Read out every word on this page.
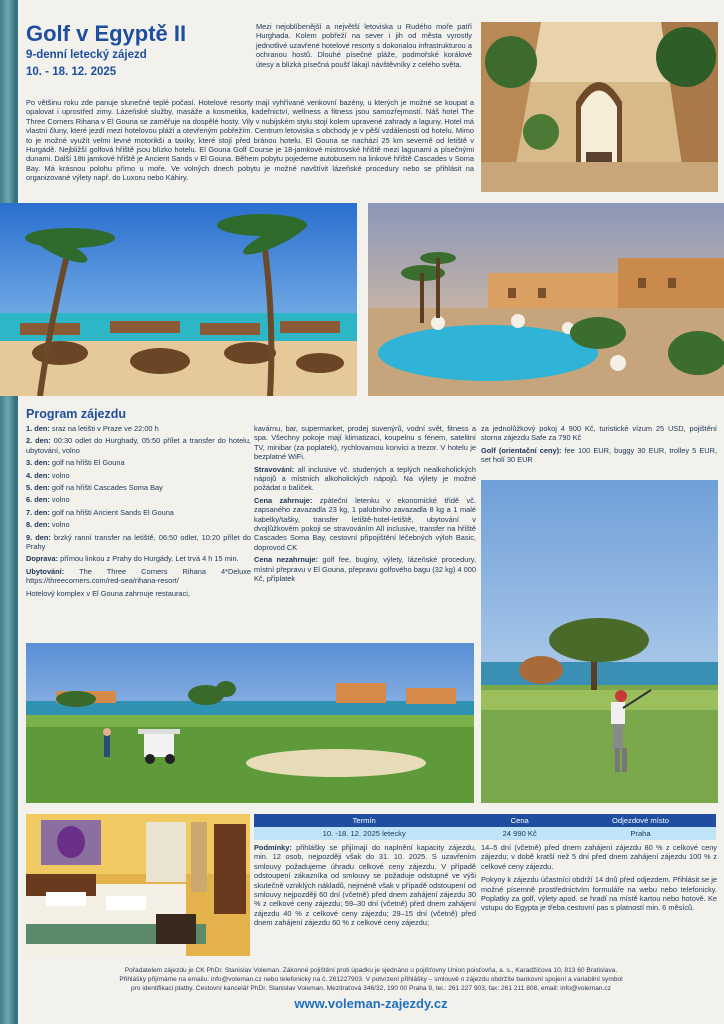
Golf v Egyptě II
9-denní letecký zájezd
10. - 18. 12. 2025
Mezi nejoblíbenější a největší letoviska u Rudého moře patří Hurghada. Kolem pobřeží na sever i jih od města vyrostly jednotlivé uzavřené hotelové resorty s dokonalou infrastrukturou a ochranou hostů. Dlouhé písečné pláže, podmořské korálové útesy a blízká písečná poušť lákají návštěvníky z celého světa.
Po většinu roku zde panuje slunečné teplé počasí. Hotelové resorty mají vyhřívané venkovní bazény, u kterých je možné se koupat a opalovat i uprostřed zimy. Lázeňské služby, masáže a kosmetika, kadeřnictví, wellness a fitness jsou samozřejmostí. Náš hotel The Three Corners Rihana v El Gouna se zaměřuje na dospělé hosty. Vily v nubijském stylu stojí kolem upravené zahrady a laguny. Hotel má vlastní čluny, které jezdí mezi hotelovou pláží a otevřeným pobřežím. Centrum letoviska s obchody je v pěší vzdálenosti od hotelu. Mimo to je možné využít velmi levné motorikši a taxiky, které stojí před bránou hotelu. El Gouna se nachází 25 km severně od letiště v Hurgádě. Nejbližší golfová hřiště jsou blízko hotelu. El Gouna Golf Course je 18-jamkové mistrovské hřiště mezi lagunami a písečnými dunami. Další 18ti jamkové hřiště je Ancient Sands v El Gouna. Během pobytu pojedeme autobusem na linkové hřiště Cascades v Soma Bay. Má krásnou polohu přímo u moře. Ve volných dnech pobytu je možné navštívit lázeňské procedury nebo se přihlásit na organizované výlety např. do Luxoru nebo Káhiry.
Program zájezdu
1. den: sraz na letišti v Praze ve 22:00 h
2. den: 00:30 odlet do Hurghady, 05:50 přílet a transfer do hotelu, ubytování, volno
3. den: golf na hřišti El Gouna
4. den: volno
5. den: golf na hřišti Cascades Soma Bay
6. den: volno
7. den: golf na hřišti Ancient Sands El Gouna
8. den: volno
9. den: brzký ranní transfer na letiště, 06:50 odlet, 10:20 přílet do Prahy
Doprava: přímou linkou z Prahy do Hurgády. Let trvá 4 h 15 min.
Ubytování: The Three Corners Rihana 4*Deluxe https://threecorners.com/red-sea/rihana-resort/
Hotelový komplex v El Gouna zahrnuje restauraci,
kavárnu, bar, supermarket, prodej suvenýrů, vodní svět, fitness a spa. Všechny pokoje mají klimatizaci, koupelnu s fénem, satelitní TV, minibar (za poplatek), rychlovarnou konvici a trezor. V hotelu je bezplatné WiFi.
Stravování: all inclusive vč. studených a teplých nealkoholických nápojů a místních alkoholických nápojů. Na výlety je možné požádat o balíček.
Cena zahrnuje: zpáteční letenku v ekonomické třídě vč. zapsaného zavazadla 23 kg, 1 palubního zavazadla 8 kg a 1 malé kabelky/tašky, transfer letiště-hotel-letiště, ubytování v dvojlůžkovém pokoji se stravováním All inclusive, transfer na hřiště Cascades Soma Bay, cestovní připojištění léčebných výloh Basic, doprovod CK
Cena nezahrnuje: golf fee, buginy, výlety, lázeňské procedury, místní přepravu v El Gouna, přepravu golfového bagu (32 kg) 4 000 Kč, příplatek
za jednolůžkový pokoj 4 900 Kč, turistické vízum 25 USD, pojištění storna zájezdu Safe za 790 Kč
Golf (orientační ceny): fee 100 EUR, buggy 30 EUR, trolley 5 EUR, set holí 30 EUR
Termín	Cena	Odjezdové místo
10. -18. 12. 2025 letecky	24 990 Kč	Praha
Podmínky: přihlášky se přijímají do naplnění kapacity zájezdu, min. 12 osob, nejpozději však do 31. 10. 2025. S uzavřením smlouvy požadujeme úhradu celkové ceny zájezdu. V případě odstoupení zákazníka od smlouvy se požaduje odstupné ve výši skutečně vzniklých nákladů, nejméně však v případě odstoupení od smlouvy nejpozději 60 dní (včetně) před dnem zahájení zájezdu 30 % z celkové ceny zájezdu; 59–30 dní (včetně) před dnem zahájení zájezdu 40 % z celkové ceny zájezdu; 29–15 dní (včetně) před dnem zahájení zájezdu 60 % z celkové ceny zájezdu;
14–5 dní (včetně) před dnem zahájení zájezdu 80 % z celkové ceny zájezdu; v době kratší než 5 dní před dnem zahájení zájezdu 100 % z celkové ceny zájezdu.
Pokyny k zájezdu účastníci obdrží 14 dnů před odjezdem. Přihlásit se je možné písemně prostřednictvím formuláře na webu nebo telefonicky. Poplatky za golf, výlety apod. se hradí na místě kartou nebo hotově. Ke vstupu do Egypta je třeba cestovní pas s platností min. 6 měsíců.
Pořadatelem zájezdu je CK PhDr. Stanislav Voleman. Zákonné pojištění proti úpadku je sjednáno u pojišťovny Union poisťovňa, a. s., Karadžičova 10, 813 60 Bratislava.
Přihlášky přijímáme na emailu: info@voleman.cz nebo telefonicky na č. 261227903. V potvrzení přihlášky – smlouvě o zájezdu obdržíte bankovní spojení a variabilní symbol
pro identifikaci platby. Cestovní kancelář PhDr. Stanislav Voleman, Mezitraťová 346/32, 190 00 Praha 9, tel.: 261 227 903, fax: 261 211 808, email: info@voleman.cz
www.voleman-zajezdy.cz
